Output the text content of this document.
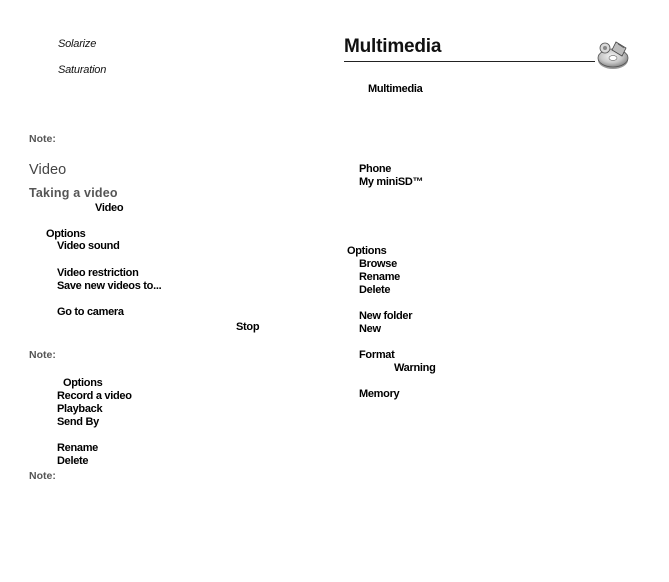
Solarize
Saturation
Note:
Video
Taking a video
Video
Options
Video sound
Video restriction
Save new videos to...
Go to camera
Stop
Note:
Options
Record a video
Playback
Send By
Rename
Delete
Note:
Multimedia
Multimedia
Phone
My miniSD™
Options
Browse
Rename
Delete
New folder
New
Format
Warning
Memory
